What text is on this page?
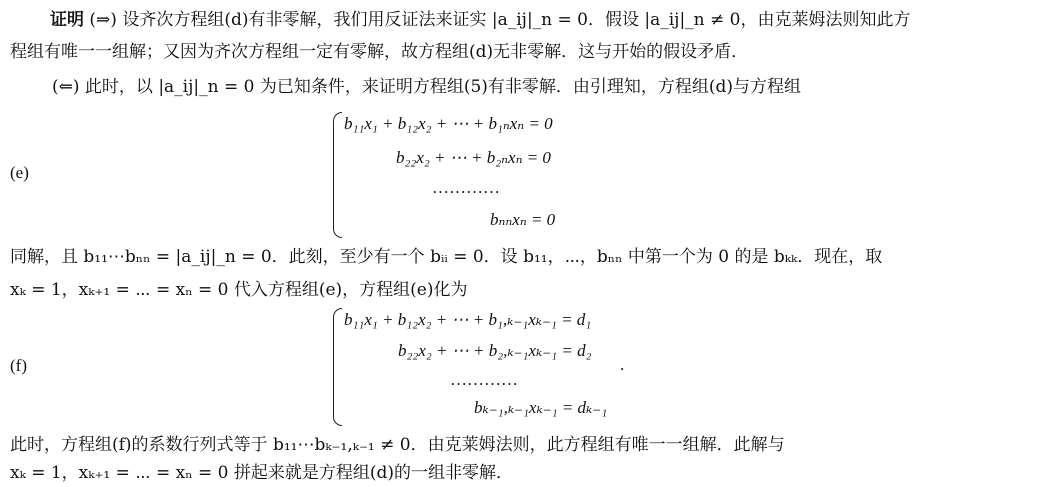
证明 (⇒) 设齐次方程组(d)有非零解，我们用反证法来证实 |a_ij|_n = 0．假设 |a_ij|_n ≠ 0，由克莱姆法则知此方
程组有唯一一组解；又因为齐次方程组一定有零解，故方程组(d)无非零解．这与开始的假设矛盾．
(⇐) 此时，以 |a_ij|_n = 0 为已知条件，来证明方程组(5)有非零解．由引理知，方程组(d)与方程组
(e)
b₁₁x₁ + b₁₂x₂ + ⋯ + b₁ₙxₙ = 0
b₂₂x₂ + ⋯ + b₂ₙxₙ = 0
…………
bₙₙxₙ = 0
同解，且 b₁₁⋯bₙₙ = |a_ij|_n = 0．此刻，至少有一个 bᵢᵢ = 0．设 b₁₁，⋯，bₙₙ 中第一个为 0 的是 bₖₖ．现在，取
xₖ = 1，xₖ₊₁ = ⋯ = xₙ = 0 代入方程组(e)，方程组(e)化为
(f)
b₁₁x₁ + b₁₂x₂ + ⋯ + b₁,ₖ₋₁xₖ₋₁ = d₁
b₂₂x₂ + ⋯ + b₂,ₖ₋₁xₖ₋₁ = d₂
.
…………
bₖ₋₁,ₖ₋₁xₖ₋₁ = dₖ₋₁
此时，方程组(f)的系数行列式等于 b₁₁⋯bₖ₋₁,ₖ₋₁ ≠ 0．由克莱姆法则，此方程组有唯一一组解．此解与
xₖ = 1，xₖ₊₁ = ⋯ = xₙ = 0 拼起来就是方程组(d)的一组非零解．
